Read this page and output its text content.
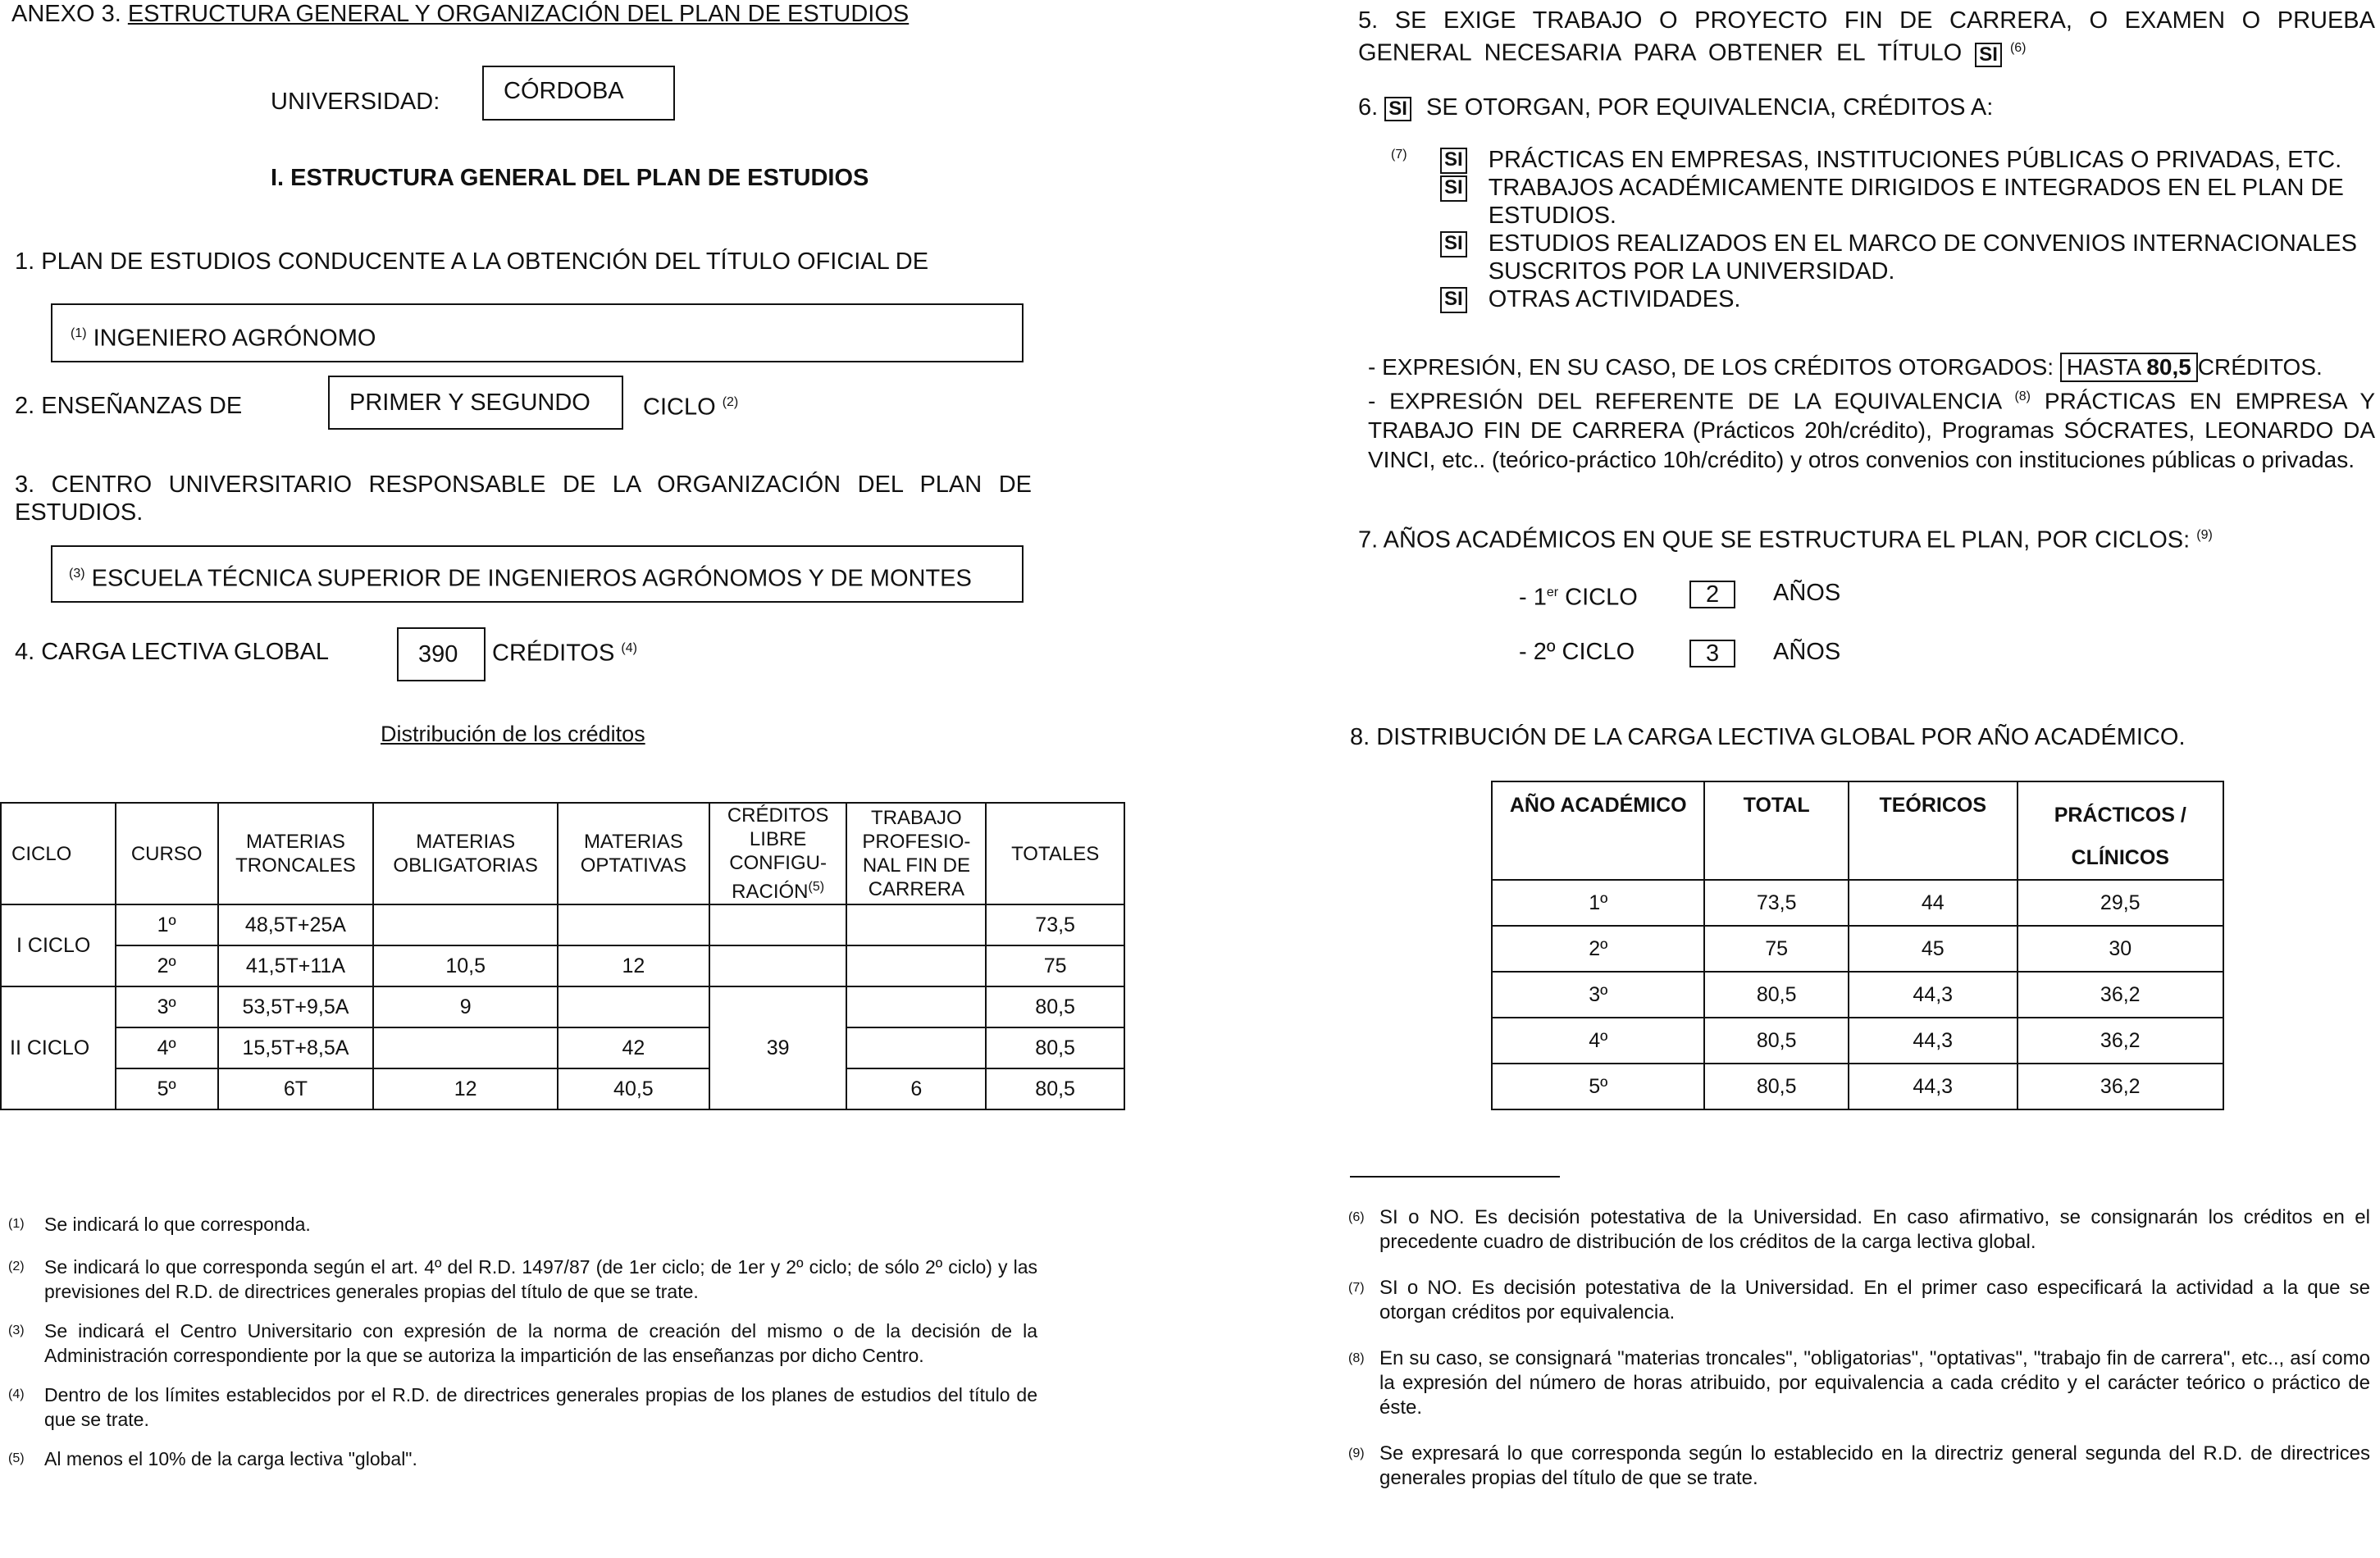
ANEXO 3. ESTRUCTURA GENERAL Y ORGANIZACIÓN DEL PLAN DE ESTUDIOS
UNIVERSIDAD:	CÓRDOBA
I. ESTRUCTURA GENERAL DEL PLAN DE ESTUDIOS
1. PLAN DE ESTUDIOS CONDUCENTE A LA OBTENCIÓN DEL TÍTULO OFICIAL DE
$^{(1)}$ INGENIERO AGRÓNOMO
2. ENSEÑANZAS DE	PRIMER Y SEGUNDO CICLO $^{(2)}$
3. CENTRO UNIVERSITARIO RESPONSABLE DE LA ORGANIZACIÓN DEL PLAN DE ESTUDIOS.
$^{(3)}$ ESCUELA TÉCNICA SUPERIOR DE INGENIEROS AGRÓNOMOS Y DE MONTES
4. CARGA LECTIVA GLOBAL	390 CRÉDITOS $^{(4)}$
Distribución de los créditos
CICLO	CURSO	MATERIAS TRONCALES	MATERIAS OBLIGATORIAS	MATERIAS OPTATIVAS	CRÉDITOS LIBRE CONFIGU-RACIÓN$^{(5)}$	TRABAJO PROFESIO-NAL FIN DE CARRERA	TOTALES
I CICLO	1º	48,5T+25A					73,5
	2º	41,5T+11A	10,5	12			75
II CICLO	3º	53,5T+9,5A	9		39		80,5
	4º	15,5T+8,5A		42			80,5
	5º	6T	12	40,5		6	80,5
(1)	Se indicará lo que corresponda.
(2)	Se indicará lo que corresponda según el art. 4º del R.D. 1497/87 (de 1er ciclo; de 1er y 2º ciclo; de sólo 2º ciclo) y las previsiones del R.D. de directrices generales propias del título de que se trate.
(3)	Se indicará el Centro Universitario con expresión de la norma de creación del mismo o de la decisión de la Administración correspondiente por la que se autoriza la impartición de las enseñanzas por dicho Centro.
(4)	Dentro de los límites establecidos por el R.D. de directrices generales propias de los planes de estudios del título de que se trate.
(5)	Al menos el 10% de la carga lectiva "global".
5. SE EXIGE TRABAJO O PROYECTO FIN DE CARRERA, O EXAMEN O PRUEBA GENERAL NECESARIA PARA OBTENER EL TÍTULO SI $^{(6)}$
6. SI SE OTORGAN, POR EQUIVALENCIA, CRÉDITOS A:
(7) SI PRÁCTICAS EN EMPRESAS, INSTITUCIONES PÚBLICAS O PRIVADAS, ETC.
SI TRABAJOS ACADÉMICAMENTE DIRIGIDOS E INTEGRADOS EN EL PLAN DE ESTUDIOS.
SI ESTUDIOS REALIZADOS EN EL MARCO DE CONVENIOS INTERNACIONALES SUSCRITOS POR LA UNIVERSIDAD.
SI OTRAS ACTIVIDADES.
- EXPRESIÓN, EN SU CASO, DE LOS CRÉDITOS OTORGADOS: HASTA 80,5 CRÉDITOS.
- EXPRESIÓN DEL REFERENTE DE LA EQUIVALENCIA $^{(8)}$ PRÁCTICAS EN EMPRESA Y TRABAJO FIN DE CARRERA (Prácticos 20h/crédito), Programas SÓCRATES, LEONARDO DA VINCI, etc.. (teórico-práctico 10h/crédito) y otros convenios con instituciones públicas o privadas.
7. AÑOS ACADÉMICOS EN QUE SE ESTRUCTURA EL PLAN, POR CICLOS: $^{(9)}$
- 1er CICLO	2 AÑOS
- 2º CICLO	3 AÑOS
8. DISTRIBUCIÓN DE LA CARGA LECTIVA GLOBAL POR AÑO ACADÉMICO.
AÑO ACADÉMICO	TOTAL	TEÓRICOS	PRÁCTICOS /
CLÍNICOS
1º	73,5	44	29,5
2º	75	45	30
3º	80,5	44,3	36,2
4º	80,5	44,3	36,2
5º	80,5	44,3	36,2
(6) SI o NO. Es decisión potestativa de la Universidad. En caso afirmativo, se consignarán los créditos en el precedente cuadro de distribución de los créditos de la carga lectiva global.
(7) SI o NO. Es decisión potestativa de la Universidad. En el primer caso especificará la actividad a la que se otorgan créditos por equivalencia.
(8) En su caso, se consignará "materias troncales", "obligatorias", "optativas", "trabajo fin de carrera", etc.., así como la expresión del número de horas atribuido, por equivalencia a cada crédito y el carácter teórico o práctico de éste.
(9) Se expresará lo que corresponda según lo establecido en la directriz general segunda del R.D. de directrices generales propias del título de que se trate.
